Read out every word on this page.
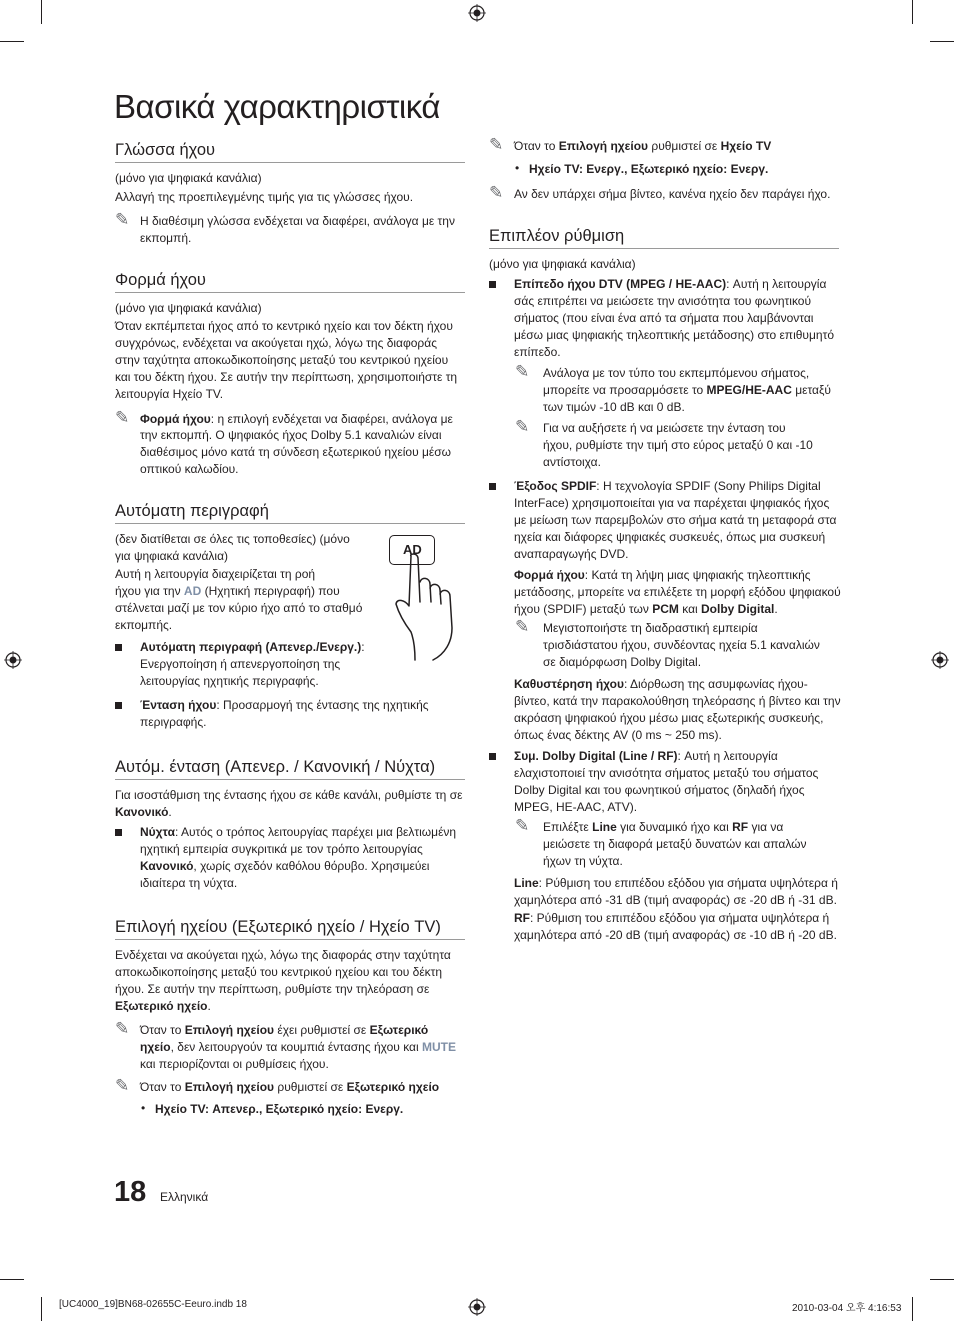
Βασικά χαρακτηριστικά
Γλώσσα ήχου

(μόνο για ψηφιακά κανάλια)

Αλλαγή της προεπιλεγμένης τιμής για τις γλώσσες ήχου.

✎ Η διαθέσιμη γλώσσα ενδέχεται να διαφέρει, ανάλογα με την

εκπομπή.

Φορμά ήχου

(μόνο για ψηφιακά κανάλια)

Όταν εκπέμπεται ήχος από το κεντρικό ηχείο και τον δέκτη ήχου

συγχρόνως, ενδέχεται να ακούγεται ηχώ, λόγω της διαφοράς

στην ταχύτητα αποκωδικοποίησης μεταξύ του κεντρικού ηχείου

και του δέκτη ήχου. Σε αυτήν την περίπτωση, χρησιμοποιήστε τη

λειτουργία Ηχείο TV.

✎ Φορμά ήχου: η επιλογή ενδέχεται να διαφέρει, ανάλογα με

την εκπομπή. Ο ψηφιακός ήχος Dolby 5.1 καναλιών είναι

διαθέσιμος μόνο κατά τη σύνδεση εξωτερικού ηχείου μέσω

οπτικού καλωδίου.

Αυτόματη περιγραφή

(δεν διατίθεται σε όλες τις τοποθεσίες) (μόνο

για ψηφιακά κανάλια)

Αυτή η λειτουργία διαχειρίζεται τη ροή

ήχου για την AD (Ηχητική περιγραφή) που

στέλνεται μαζί με τον κύριο ήχο από το σταθμό

εκπομπής.

AD

Αυτόματη περιγραφή (Απενερ./Ενεργ.):

Ενεργοποίηση ή απενεργοποίηση της

λειτουργίας ηχητικής περιγραφής.

Ένταση ήχου: Προσαρμογή της έντασης της ηχητικής

περιγραφής.

Αυτόμ. ένταση (Απενερ. / Κανονική / Νύχτα)

Για ισοστάθμιση της έντασης ήχου σε κάθε κανάλι, ρυθμίστε τη σε

Κανονικό.

Νύχτα: Αυτός ο τρόπος λειτουργίας παρέχει μια βελτιωμένη

ηχητική εμπειρία συγκριτικά με τον τρόπο λειτουργίας

Κανονικό, χωρίς σχεδόν καθόλου θόρυβο. Χρησιμεύει

ιδιαίτερα τη νύχτα.

Επιλογή ηχείου (Εξωτερικό ηχείο / Ηχείο TV)

Ενδέχεται να ακούγεται ηχώ, λόγω της διαφοράς στην ταχύτητα

αποκωδικοποίησης μεταξύ του κεντρικού ηχείου και του δέκτη

ήχου. Σε αυτήν την περίπτωση, ρυθμίστε την τηλεόραση σε

Εξωτερικό ηχείο.

✎ Όταν το Επιλογή ηχείου έχει ρυθμιστεί σε Εξωτερικό

ηχείο, δεν λειτουργούν τα κουμπιά έντασης ήχου και MUTE

και περιορίζονται οι ρυθμίσεις ήχου.

✎ Όταν το Επιλογή ηχείου ρυθμιστεί σε Εξωτερικό ηχείο

• Ηχείο TV: Απενερ., Εξωτερικό ηχείο: Ενεργ.

✎ Όταν το Επιλογή ηχείου ρυθμιστεί σε Ηχείο TV

• Ηχείο TV: Ενεργ., Εξωτερικό ηχείο: Ενεργ.

✎ Αν δεν υπάρχει σήμα βίντεο, κανένα ηχείο δεν παράγει ήχο.

Επιπλέον ρύθμιση

(μόνο για ψηφιακά κανάλια)

Επίπεδο ήχου DTV (MPEG / HE-AAC): Αυτή η λειτουργία

σάς επιτρέπει να μειώσετε την ανισότητα του φωνητικού

σήματος (που είναι ένα από τα σήματα που λαμβάνονται

μέσω μιας ψηφιακής τηλεοπτικής μετάδοσης) στο επιθυμητό

επίπεδο.

✎ Ανάλογα με τον τύπο του εκπεμπόμενου σήματος,

μπορείτε να προσαρμόσετε το MPEG/HE-AAC μεταξύ

των τιμών -10 dB και 0 dB.

✎ Για να αυξήσετε ή να μειώσετε την ένταση του

ήχου, ρυθμίστε την τιμή στο εύρος μεταξύ 0 και -10

αντίστοιχα.

Έξοδος SPDIF: Η τεχνολογία SPDIF (Sony Philips Digital

InterFace) χρησιμοποιείται για να παρέχεται ψηφιακός ήχος

με μείωση των παρεμβολών στο σήμα κατά τη μεταφορά στα

ηχεία και διάφορες ψηφιακές συσκευές, όπως μια συσκευή

αναπαραγωγής DVD.

Φορμά ήχου: Κατά τη λήψη μιας ψηφιακής τηλεοπτικής

μετάδοσης, μπορείτε να επιλέξετε τη μορφή εξόδου ψηφιακού

ήχου (SPDIF) μεταξύ των PCM και Dolby Digital.

✎ Μεγιστοποιήστε τη διαδραστική εμπειρία

τρισδιάστατου ήχου, συνδέοντας ηχεία 5.1 καναλιών

σε διαμόρφωση Dolby Digital.

Καθυστέρηση ήχου: Διόρθωση της ασυμφωνίας ήχου-

βίντεο, κατά την παρακολούθηση τηλεόρασης ή βίντεο και την

ακρόαση ψηφιακού ήχου μέσω μιας εξωτερικής συσκευής,

όπως ένας δέκτης AV (0 ms ~ 250 ms).

Συμ. Dolby Digital (Line / RF): Αυτή η λειτουργία

ελαχιστοποιεί την ανισότητα σήματος μεταξύ του σήματος

Dolby Digital και του φωνητικού σήματος (δηλαδή ήχος

MPEG, HE-AAC, ATV).

✎ Επιλέξτε Line για δυναμικό ήχο και RF για να

μειώσετε τη διαφορά μεταξύ δυνατών και απαλών

ήχων τη νύχτα.

Line: Ρύθμιση του επιπέδου εξόδου για σήματα υψηλότερα ή

χαμηλότερα από -31 dB (τιμή αναφοράς) σε -20 dB ή -31 dB.

RF: Ρύθμιση του επιπέδου εξόδου για σήματα υψηλότερα ή

χαμηλότερα από -20 dB (τιμή αναφοράς) σε -10 dB ή -20 dB.

18 Ελληνικά
[UC4000_19]BN68-02655C-Eeuro.indb 18	2010-03-04 오후 4:16:53
